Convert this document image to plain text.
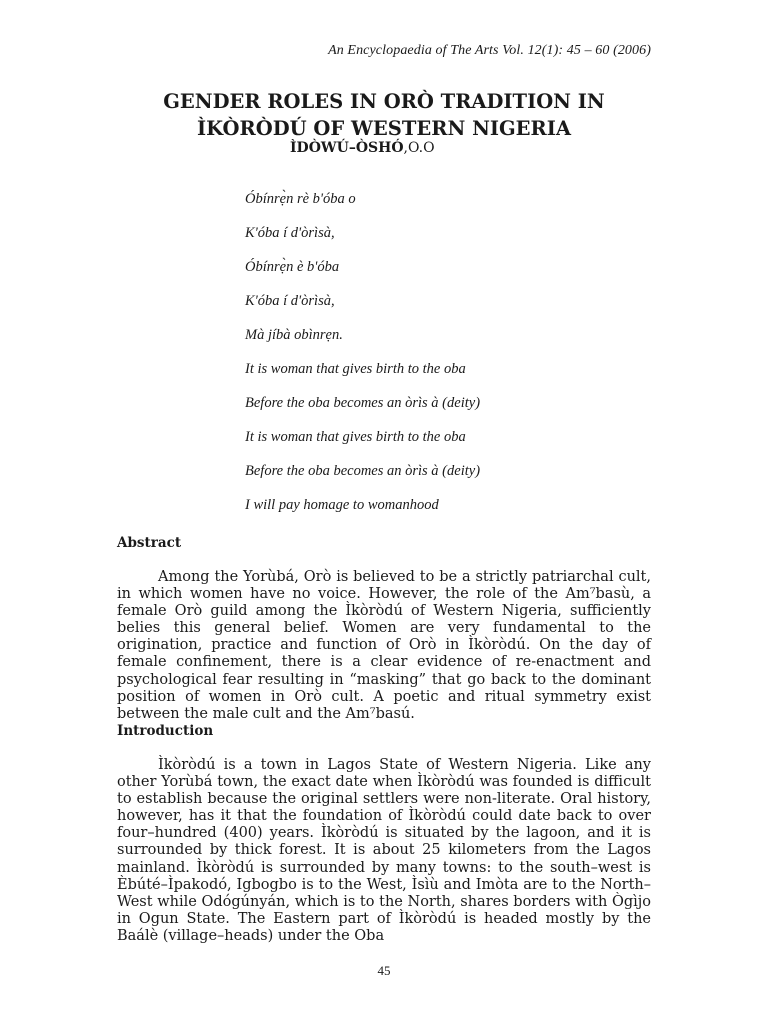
An Encyclopaedia of The Arts Vol. 12(1): 45 – 60 (2006)
GENDER ROLES IN ORÒ TRADITION IN
ÌKÒRÒDÚ OF WESTERN NIGERIA
ÌDÒWÚ–ÒSHÓ,O.O
Óbínrẹ̀n rè b'óba o
K'óba í d'òrìsà,
Óbínrẹ̀n è b'óba
K'óba í d'òrìsà,
Mà jíbà obìnrẹn.
It is woman that gives birth to the oba
Before the oba becomes an òrìs à (deity)
It is woman that gives birth to the oba
Before the oba becomes an òrìs à (deity)
I will pay homage to womanhood
Abstract

Among the Yorùbá, Orò is believed to be a strictly patriarchal cult, in which women have no voice. However, the role of the Am⁷basù, a female Orò guild among the Ìkòròdú of Western Nigeria, sufficiently belies this general belief. Women are very fundamental to the origination, practice and function of Orò in Ìkòròdú. On the day of female confinement, there is a clear evidence of re-enactment and psychological fear resulting in “masking” that go back to the dominant position of women in Orò cult. A poetic and ritual symmetry exist between the male cult and the Am⁷basú.

Introduction

Ìkòròdú is a town in Lagos State of Western Nigeria. Like any other Yorùbá town, the exact date when Ìkòròdú was founded is difficult to establish because the original settlers were non-literate. Oral history, however, has it that the foundation of Ìkòròdú could date back to over four–hundred (400) years. Ìkòròdú is situated by the lagoon, and it is surrounded by thick forest. It is about 25 kilometers from the Lagos mainland. Ìkòròdú is surrounded by many towns: to the south–west is Èbúté–Ìpakodó, Igbogbo is to the West, Ìsìù and Imòta are to the North–West while Odógúnyán, which is to the North, shares borders with Ògìjo in Ogun State. The Eastern part of Ìkòròdú is headed mostly by the Baálè (village–heads) under the Oba

45
